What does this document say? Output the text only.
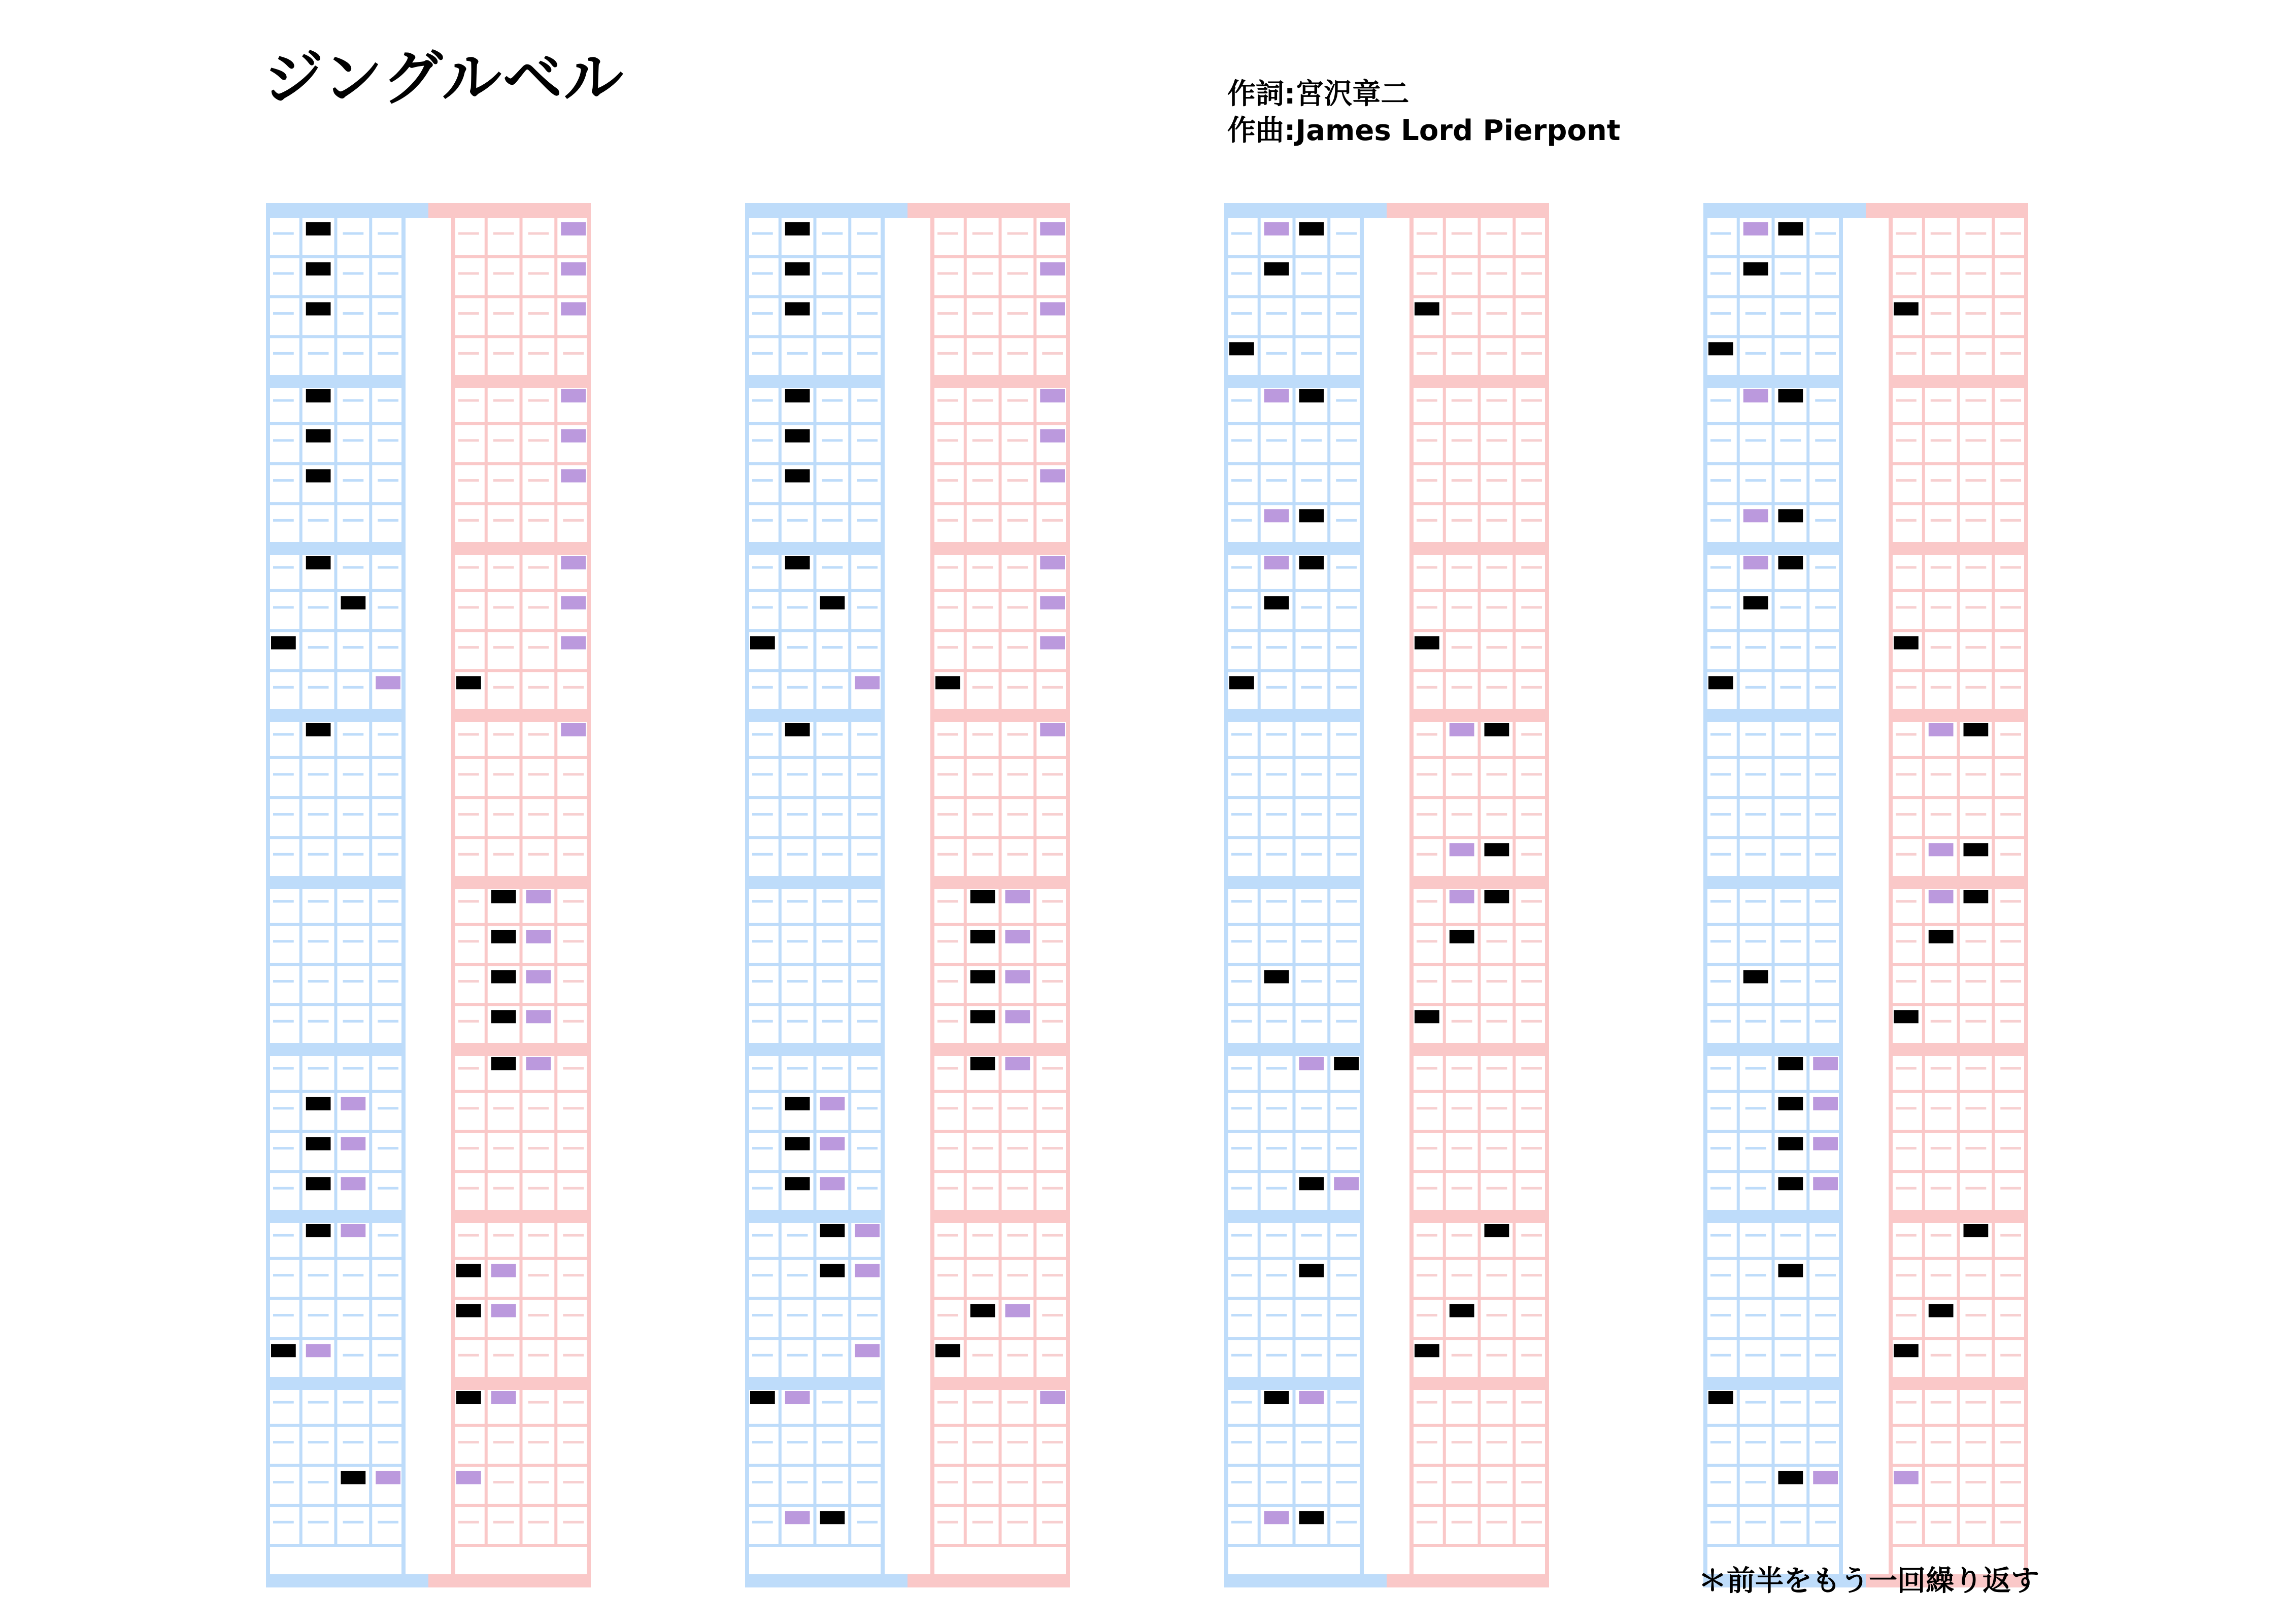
ジングルベル	作詞:宮沢章二
作曲:James Lord Pierpont
＊前半をもう一回繰り返す
